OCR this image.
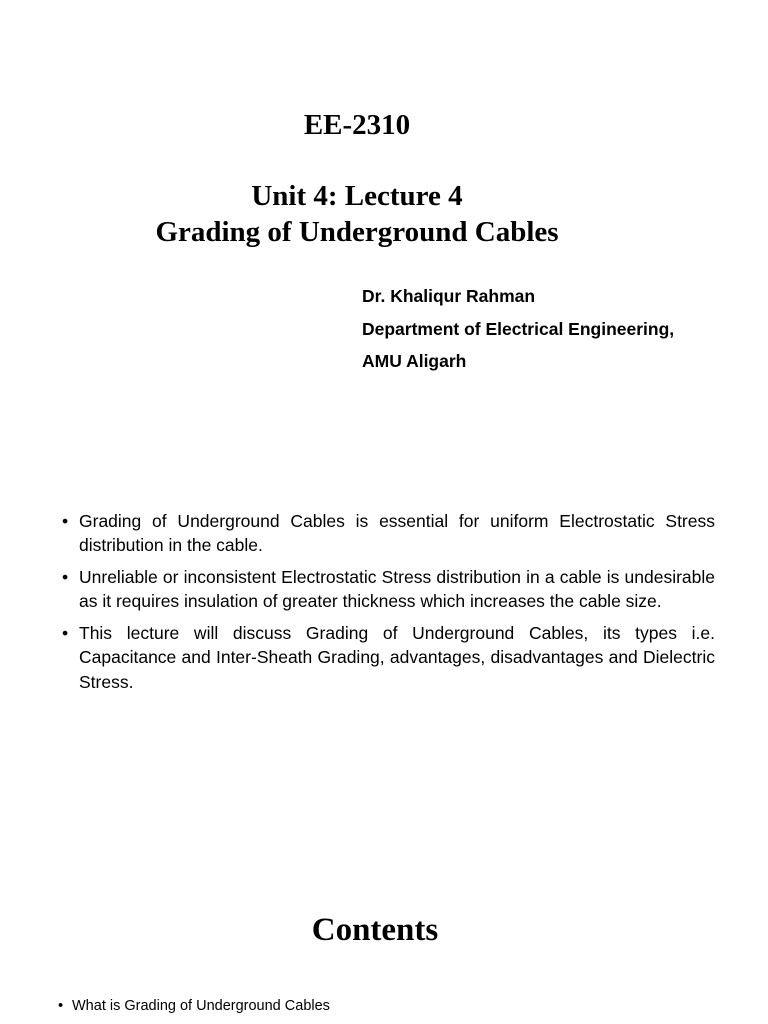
EE-2310
Unit 4: Lecture 4
Grading of Underground Cables
Dr. Khaliqur Rahman
Department of Electrical Engineering,
AMU Aligarh
• Grading of Underground Cables is essential for uniform Electrostatic Stress distribution in the cable.
• Unreliable or inconsistent Electrostatic Stress distribution in a cable is undesirable as it requires insulation of greater thickness which increases the cable size.
• This lecture will discuss Grading of Underground Cables, its types i.e. Capacitance and Inter-Sheath Grading, advantages, disadvantages and Dielectric Stress.
Contents
• What is Grading of Underground Cables
